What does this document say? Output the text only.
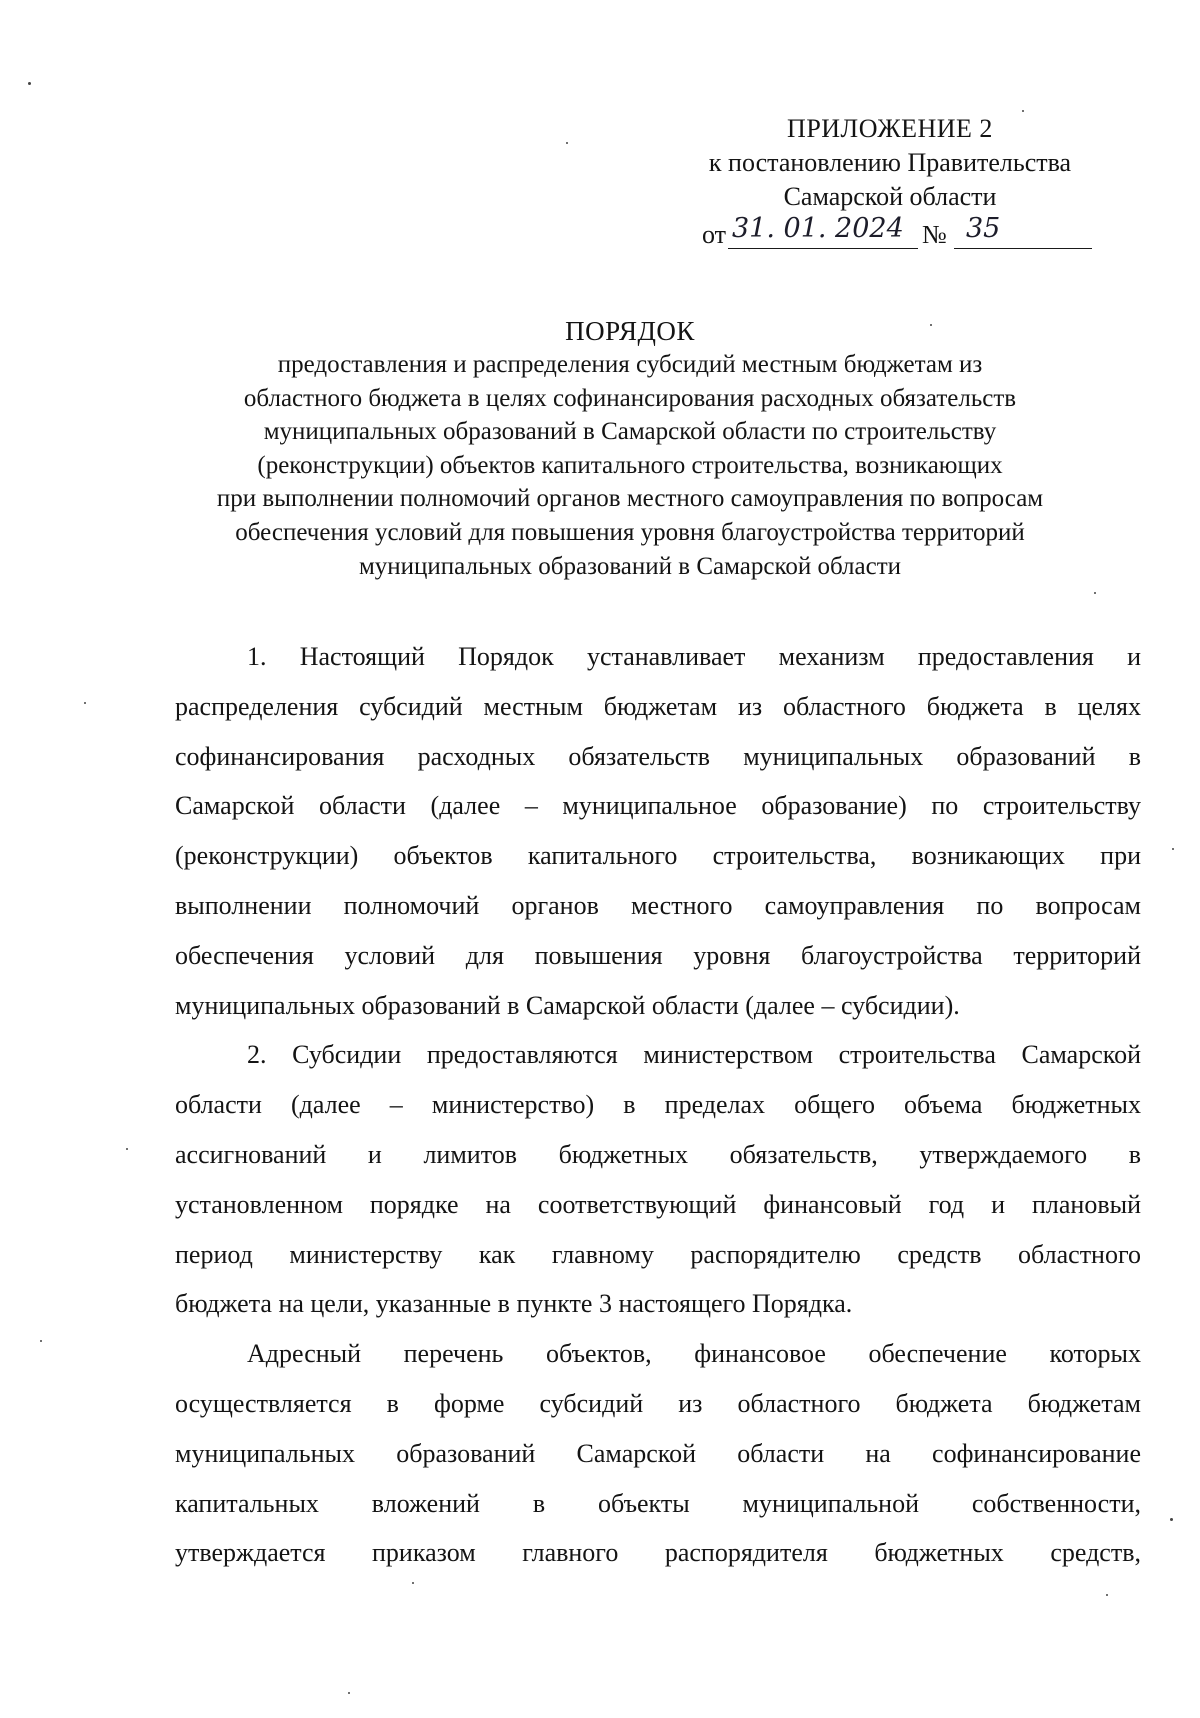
ПРИЛОЖЕНИЕ 2
к постановлению Правительства
Самарской области
от 31. 01. 2024 № 35
ПОРЯДОК
предоставления и распределения субсидий местным бюджетам из
областного бюджета в целях софинансирования расходных обязательств
муниципальных образований в Самарской области по строительству
(реконструкции) объектов капитального строительства, возникающих
при выполнении полномочий органов местного самоуправления по вопросам
обеспечения условий для повышения уровня благоустройства территорий
муниципальных образований в Самарской области
1. Настоящий Порядок устанавливает механизм предоставления и
распределения субсидий местным бюджетам из областного бюджета в целях
софинансирования расходных обязательств муниципальных образований в
Самарской области (далее – муниципальное образование) по строительству
(реконструкции) объектов капитального строительства, возникающих при
выполнении полномочий органов местного самоуправления по вопросам
обеспечения условий для повышения уровня благоустройства территорий
муниципальных образований в Самарской области (далее – субсидии).
2. Субсидии предоставляются министерством строительства Самарской
области (далее – министерство) в пределах общего объема бюджетных
ассигнований и лимитов бюджетных обязательств, утверждаемого в
установленном порядке на соответствующий финансовый год и плановый
период министерству как главному распорядителю средств областного
бюджета на цели, указанные в пункте 3 настоящего Порядка.
Адресный перечень объектов, финансовое обеспечение которых
осуществляется в форме субсидий из областного бюджета бюджетам
муниципальных образований Самарской области на софинансирование
капитальных вложений в объекты муниципальной собственности,
утверждается приказом главного распорядителя бюджетных средств,
